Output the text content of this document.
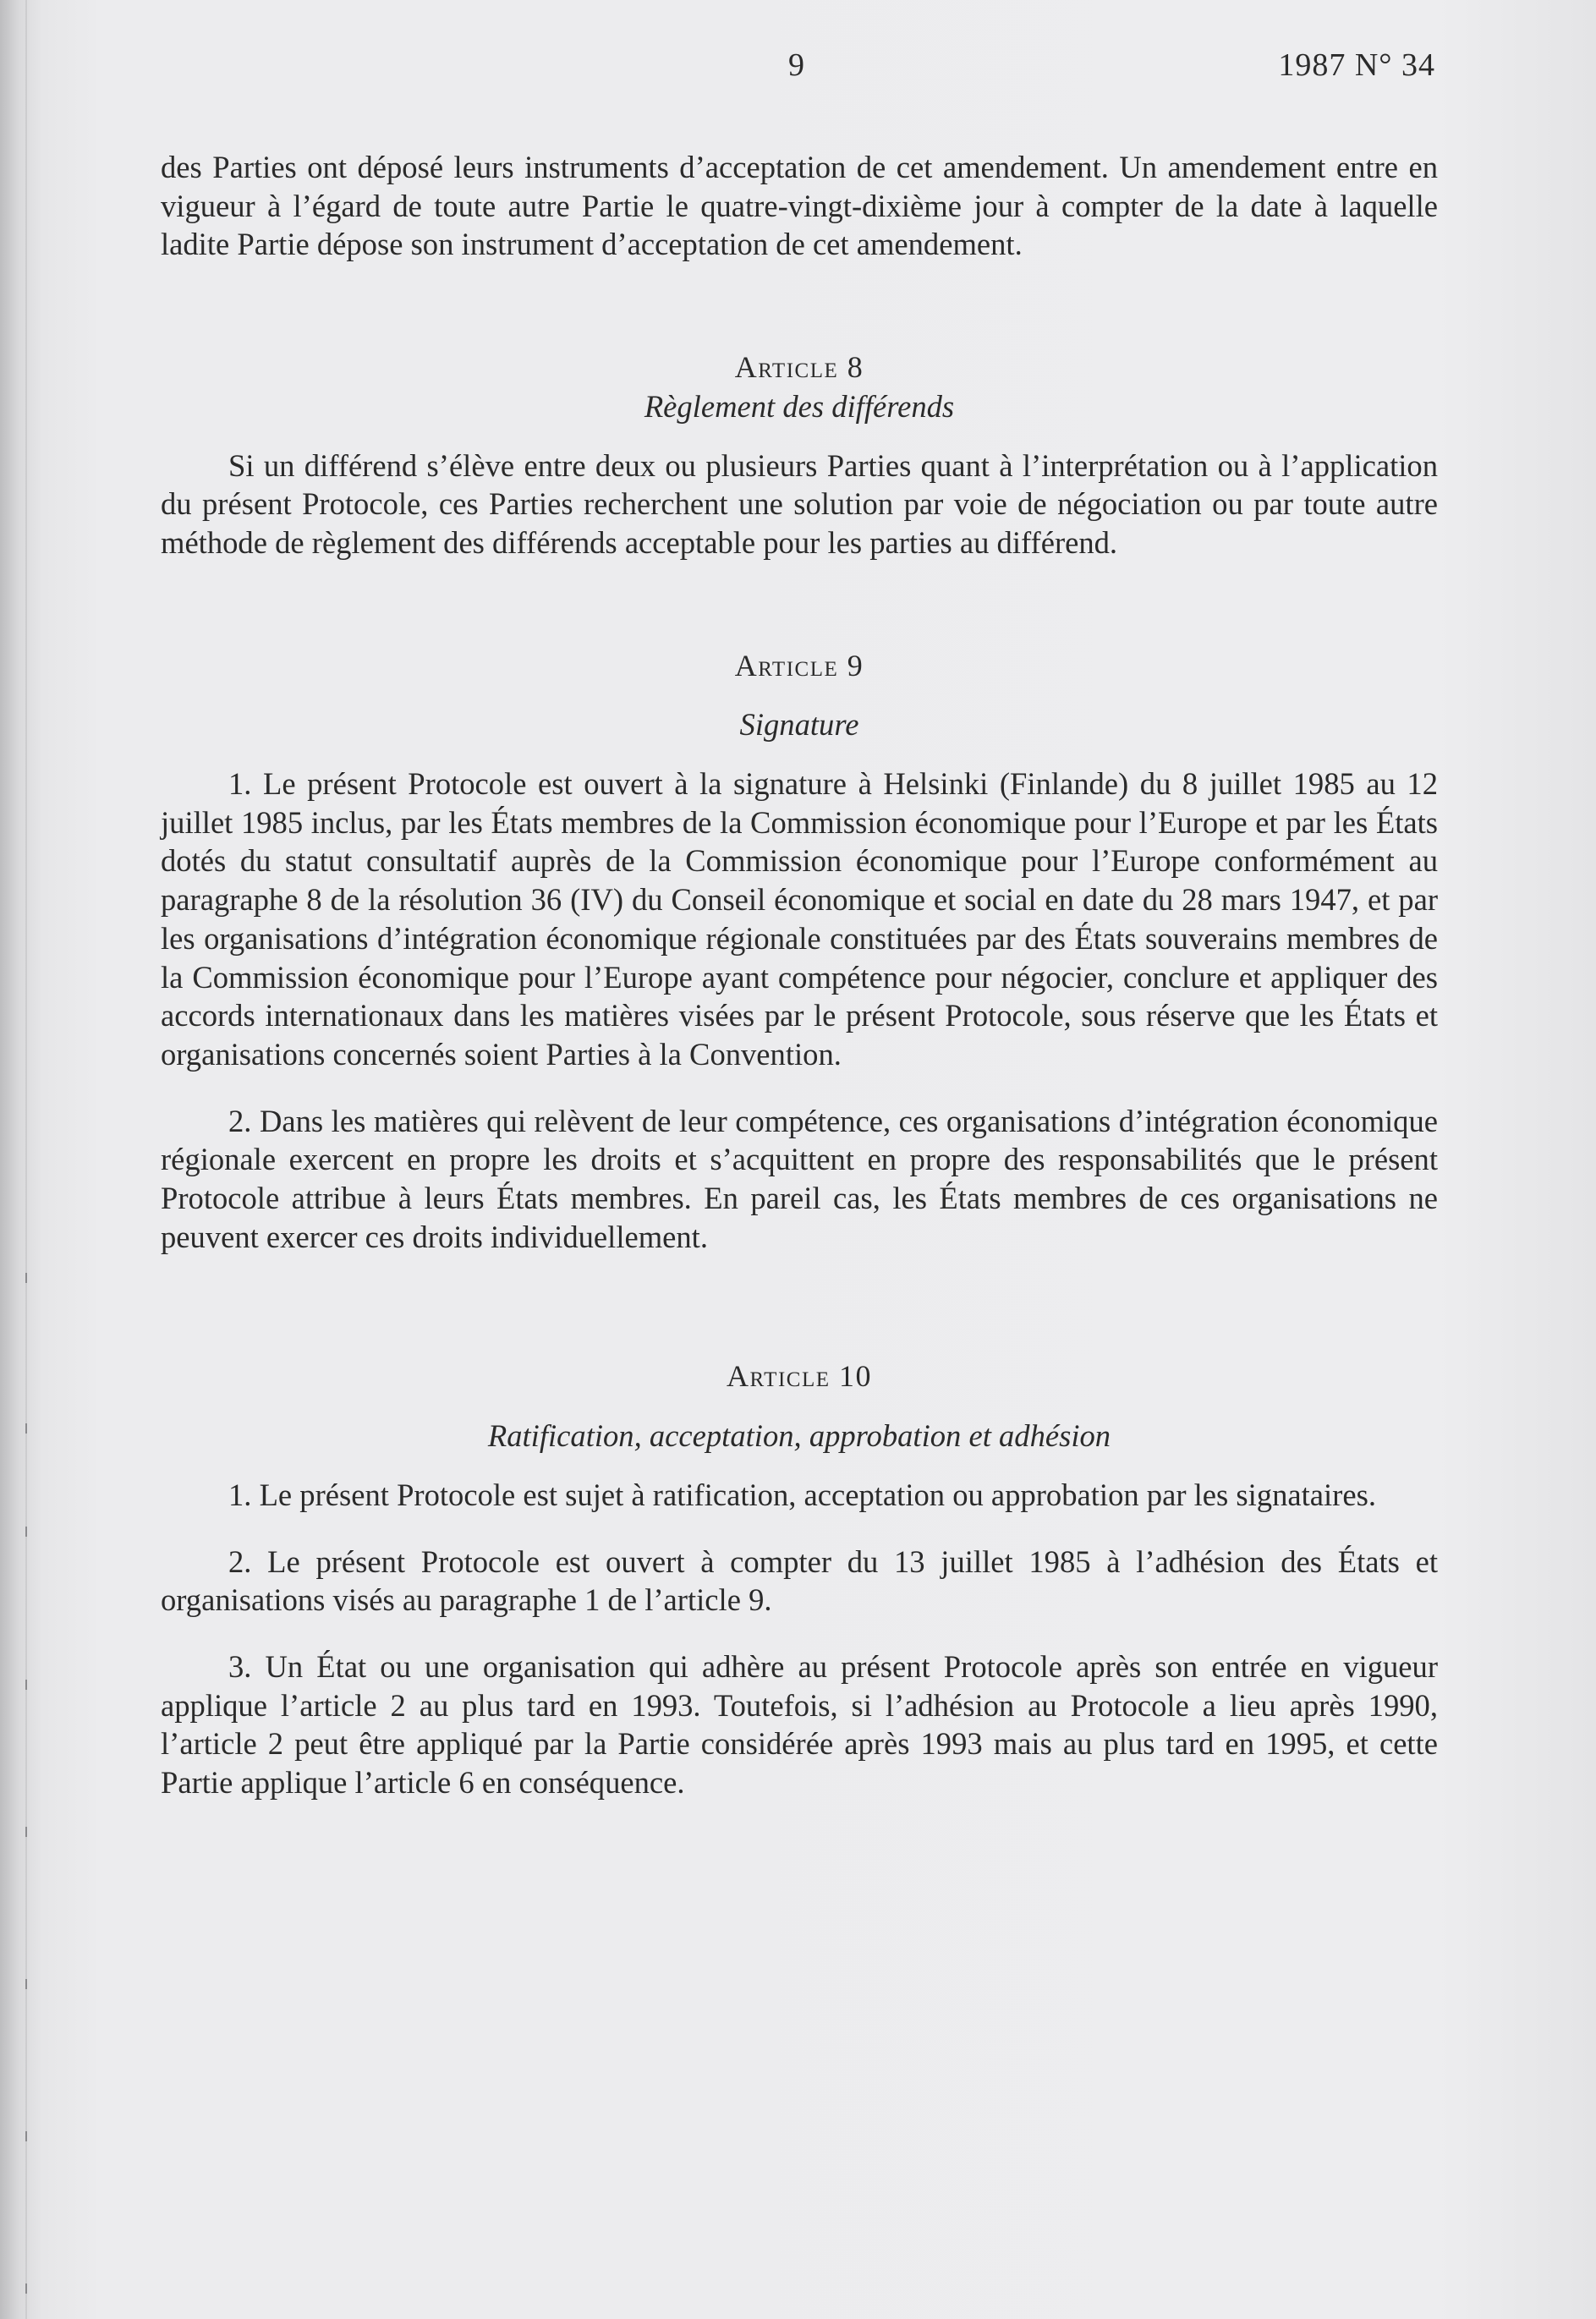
9	1987 N° 34

des Parties ont déposé leurs instruments d’acceptation de cet amendement. Un amendement entre en vigueur à l’égard de toute autre Partie le quatre-vingt-dixième jour à compter de la date à laquelle ladite Partie dépose son instrument d’acceptation de cet amendement.

Article 8
Règlement des différends

Si un différend s’élève entre deux ou plusieurs Parties quant à l’interprétation ou à l’application du présent Protocole, ces Parties recherchent une solution par voie de négociation ou par toute autre méthode de règlement des différends acceptable pour les parties au différend.

Article 9
Signature

1. Le présent Protocole est ouvert à la signature à Helsinki (Finlande) du 8 juillet 1985 au 12 juillet 1985 inclus, par les États membres de la Commission économique pour l’Europe et par les États dotés du statut consultatif auprès de la Commission économique pour l’Europe conformément au paragraphe 8 de la résolution 36 (IV) du Conseil économique et social en date du 28 mars 1947, et par les organisations d’intégration économique régionale constituées par des États souverains membres de la Commission économique pour l’Europe ayant compétence pour négocier, conclure et appliquer des accords internationaux dans les matières visées par le présent Protocole, sous réserve que les États et organisations concernés soient Parties à la Convention.

2. Dans les matières qui relèvent de leur compétence, ces organisations d’intégration économique régionale exercent en propre les droits et s’acquittent en propre des responsabilités que le présent Protocole attribue à leurs États membres. En pareil cas, les États membres de ces organisations ne peuvent exercer ces droits individuellement.

Article 10
Ratification, acceptation, approbation et adhésion

1. Le présent Protocole est sujet à ratification, acceptation ou approbation par les signataires.

2. Le présent Protocole est ouvert à compter du 13 juillet 1985 à l’adhésion des États et organisations visés au paragraphe 1 de l’article 9.

3. Un État ou une organisation qui adhère au présent Protocole après son entrée en vigueur applique l’article 2 au plus tard en 1993. Toutefois, si l’adhésion au Protocole a lieu après 1990, l’article 2 peut être appliqué par la Partie considérée après 1993 mais au plus tard en 1995, et cette Partie applique l’article 6 en conséquence.
